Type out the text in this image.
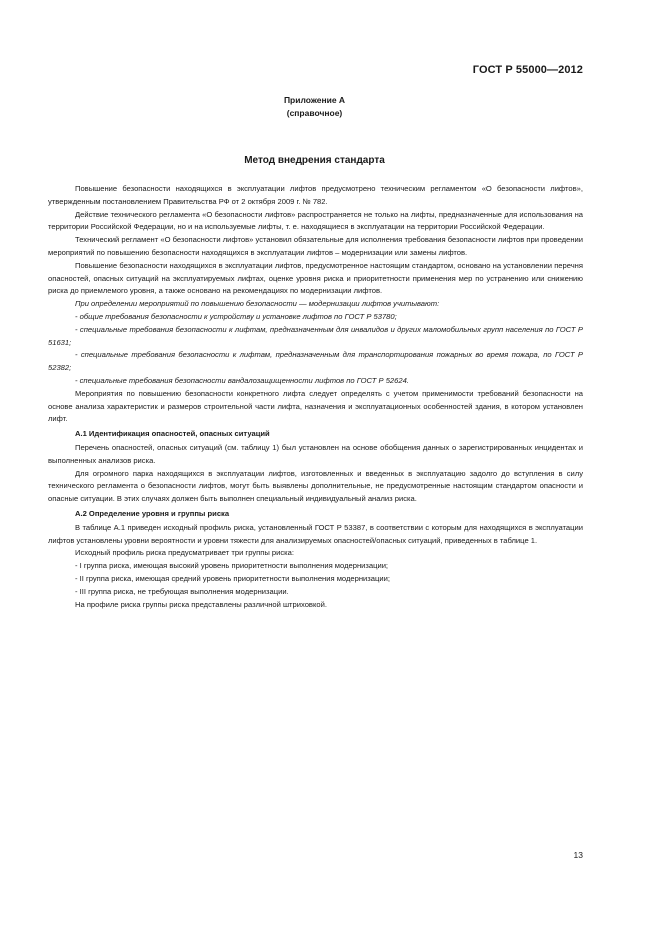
ГОСТ Р 55000—2012
Приложение А
(справочное)
Метод внедрения стандарта

Повышение безопасности находящихся в эксплуатации лифтов предусмотрено техническим регламентом «О безопасности лифтов», утвержденным постановлением Правительства РФ от 2 октября 2009 г. № 782.

Действие технического регламента «О безопасности лифтов» распространяется не только на лифты, предназначенные для использования на территории Российской Федерации, но и на используемые лифты, т. е. находящиеся в эксплуатации на территории Российской Федерации.

Технический регламент «О безопасности лифтов» установил обязательные для исполнения требования безопасности лифтов при проведении мероприятий по повышению безопасности находящихся в эксплуатации лифтов – модернизации или замены лифтов.

Повышение безопасности находящихся в эксплуатации лифтов, предусмотренное настоящим стандартом, основано на установлении перечня опасностей, опасных ситуаций на эксплуатируемых лифтах, оценке уровня риска и приоритетности применения мер по устранению или снижению риска до приемлемого уровня, а также основано на рекомендациях по модернизации лифтов.

При определении мероприятий по повышению безопасности — модернизации лифтов учитывают:

- общие требования безопасности к устройству и установке лифтов по ГОСТ Р 53780;

- специальные требования безопасности к лифтам, предназначенным для инвалидов и других маломобильных групп населения по ГОСТ Р 51631;

- специальные требования безопасности к лифтам, предназначенным для транспортирования пожарных во время пожара, по ГОСТ Р 52382;

- специальные требования безопасности вандалозащищенности лифтов по ГОСТ Р 52624.

Мероприятия по повышению безопасности конкретного лифта следует определять с учетом применимости требований безопасности на основе анализа характеристик и размеров строительной части лифта, назначения и эксплуатационных особенностей здания, в котором установлен лифт.

А.1 Идентификация опасностей, опасных ситуаций

Перечень опасностей, опасных ситуаций (см. таблицу 1) был установлен на основе обобщения данных о зарегистрированных инцидентах и выполненных анализов риска.

Для огромного парка находящихся в эксплуатации лифтов, изготовленных и введенных в эксплуатацию задолго до вступления в силу технического регламента о безопасности лифтов, могут быть выявлены дополнительные, не предусмотренные настоящим стандартом опасности и опасные ситуации. В этих случаях должен быть выполнен специальный индивидуальный анализ риска.

А.2 Определение уровня и группы риска

В таблице А.1 приведен исходный профиль риска, установленный ГОСТ Р 53387, в соответствии с которым для находящихся в эксплуатации лифтов установлены уровни вероятности и уровни тяжести для анализируемых опасностей/опасных ситуаций, приведенных в таблице 1.

Исходный профиль риска предусматривает три группы риска:

- I группа риска, имеющая высокий уровень приоритетности выполнения модернизации;

- II группа риска, имеющая средний уровень приоритетности выполнения модернизации;

- III группа риска, не требующая выполнения модернизации.

На профиле риска группы риска представлены различной штриховкой.

13
